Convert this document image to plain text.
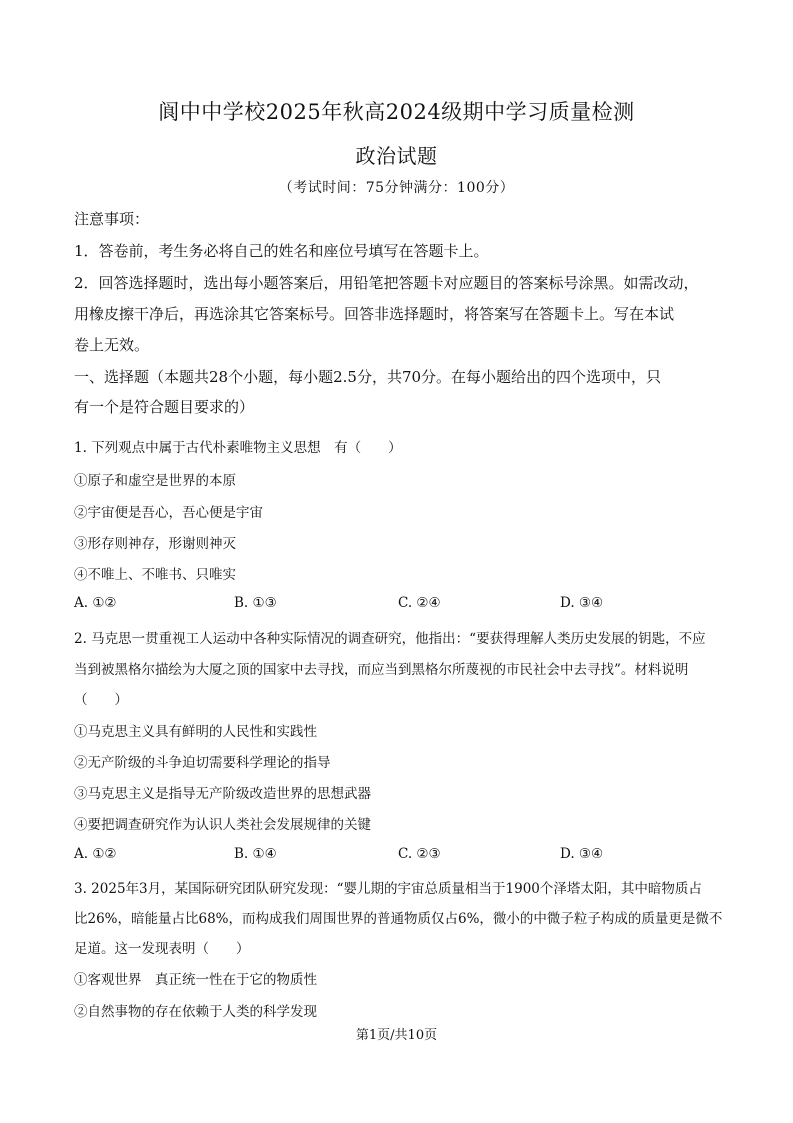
阆中中学校2025年秋高2024级期中学习质量检测
政治试题
（考试时间：75分钟满分：100分）
注意事项：
1．答卷前，考生务必将自己的姓名和座位号填写在答题卡上。
2．回答选择题时，选出每小题答案后，用铅笔把答题卡对应题目的答案标号涂黑。如需改动，
用橡皮擦干净后，再选涂其它答案标号。回答非选择题时，将答案写在答题卡上。写在本试
卷上无效。
一、选择题（本题共28个小题，每小题2.5分，共70分。在每小题给出的四个选项中，只
有一个是符合题目要求的）
1. 下列观点中属于古代朴素唯物主义思想　有（　　）
①原子和虚空是世界的本原
②宇宙便是吾心，吾心便是宇宙
③形存则神存，形谢则神灭
④不唯上、不唯书、只唯实
A. ①②	B. ①③	C. ②④	D. ③④
2. 马克思一贯重视工人运动中各种实际情况的调查研究，他指出：“要获得理解人类历史发展的钥匙，不应
当到被黑格尔描绘为大厦之顶的国家中去寻找，而应当到黑格尔所蔑视的市民社会中去寻找”。材料说明
（　　）
①马克思主义具有鲜明的人民性和实践性
②无产阶级的斗争迫切需要科学理论的指导
③马克思主义是指导无产阶级改造世界的思想武器
④要把调查研究作为认识人类社会发展规律的关键
A. ①②	B. ①④	C. ②③	D. ③④
3. 2025年3月，某国际研究团队研究发现：“婴儿期的宇宙总质量相当于1900个泽塔太阳，其中暗物质占
比26%，暗能量占比68%，而构成我们周围世界的普通物质仅占6%，微小的中微子粒子构成的质量更是微不
足道。这一发现表明（　　）
①客观世界　真正统一性在于它的物质性
②自然事物的存在依赖于人类的科学发现
第1页/共10页
